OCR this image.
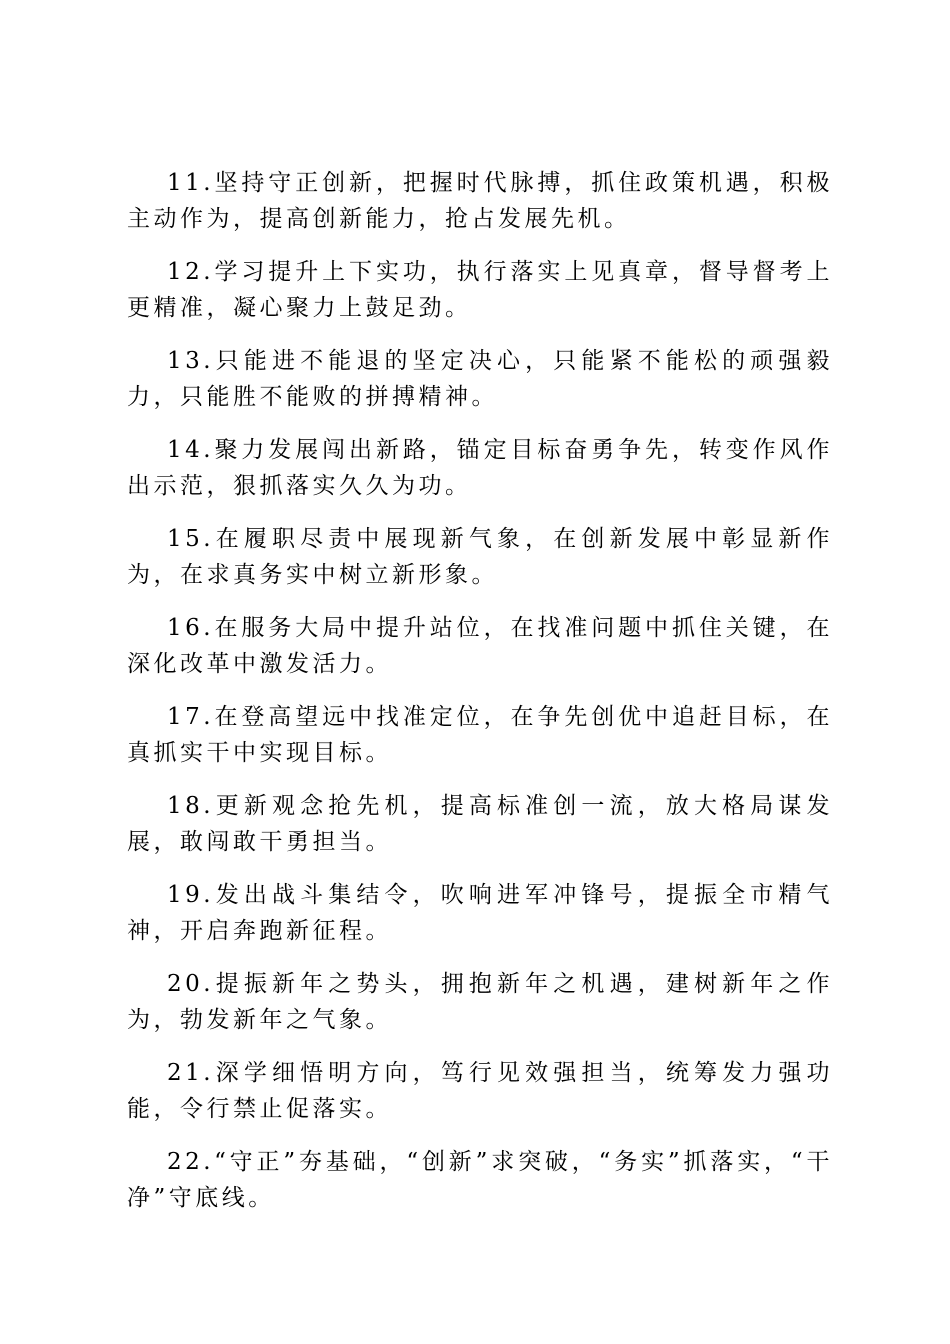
11.坚持守正创新，把握时代脉搏，抓住政策机遇，积极主动作为，提高创新能力，抢占发展先机。

12.学习提升上下实功，执行落实上见真章，督导督考上更精准，凝心聚力上鼓足劲。

13.只能进不能退的坚定决心，只能紧不能松的顽强毅力，只能胜不能败的拼搏精神。

14.聚力发展闯出新路，锚定目标奋勇争先，转变作风作出示范，狠抓落实久久为功。

15.在履职尽责中展现新气象，在创新发展中彰显新作为，在求真务实中树立新形象。

16.在服务大局中提升站位，在找准问题中抓住关键，在深化改革中激发活力。

17.在登高望远中找准定位，在争先创优中追赶目标，在真抓实干中实现目标。

18.更新观念抢先机，提高标准创一流，放大格局谋发展，敢闯敢干勇担当。

19.发出战斗集结令，吹响进军冲锋号，提振全市精气神，开启奔跑新征程。

20.提振新年之势头，拥抱新年之机遇，建树新年之作为，勃发新年之气象。

21.深学细悟明方向，笃行见效强担当，统筹发力强功能，令行禁止促落实。

22.“守正”夯基础，“创新”求突破，“务实”抓落实，“干净”守底线。
